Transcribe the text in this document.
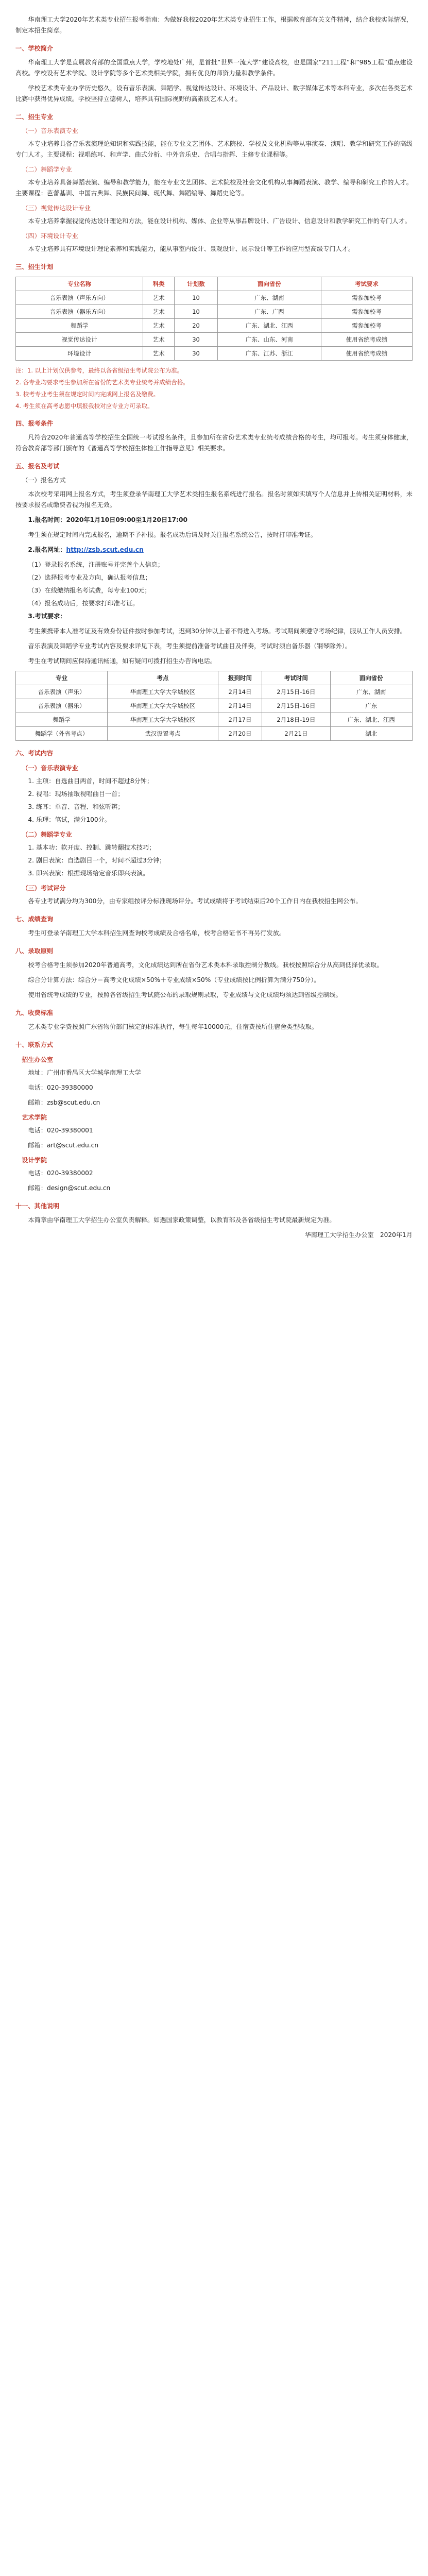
华南理工大学2020年艺术类专业招生报考指南：为做好我校2020年艺术类专业招生工作，根据教育部有关文件精神，结合我校实际情况，制定本招生简章。

一、学校简介

华南理工大学是直属教育部的全国重点大学，学校地处广州，是首批“世界一流大学”建设高校，也是国家“211工程”和“985工程”重点建设高校。学校设有艺术学院、设计学院等多个艺术类相关学院，拥有优良的师资力量和教学条件。

学校艺术类专业办学历史悠久，设有音乐表演、舞蹈学、视觉传达设计、环境设计、产品设计、数字媒体艺术等本科专业，多次在各类艺术比赛中获得优异成绩。学校坚持立德树人，培养具有国际视野的高素质艺术人才。

二、招生专业
（一）音乐表演专业

本专业培养具备音乐表演理论知识和实践技能，能在专业文艺团体、艺术院校、学校及文化机构等从事演奏、演唱、教学和研究工作的高级专门人才。主要课程：视唱练耳、和声学、曲式分析、中外音乐史、合唱与指挥、主修专业课程等。

（二）舞蹈学专业

本专业培养具备舞蹈表演、编导和教学能力，能在专业文艺团体、艺术院校及社会文化机构从事舞蹈表演、教学、编导和研究工作的人才。主要课程：芭蕾基训、中国古典舞、民族民间舞、现代舞、舞蹈编导、舞蹈史论等。

（三）视觉传达设计专业

本专业培养掌握视觉传达设计理论和方法，能在设计机构、媒体、企业等从事品牌设计、广告设计、信息设计和教学研究工作的专门人才。

（四）环境设计专业

本专业培养具有环境设计理论素养和实践能力，能从事室内设计、景观设计、展示设计等工作的应用型高级专门人才。

三、招生计划
专业名称	科类	计划数	面向省份	考试要求
音乐表演（声乐方向）	艺术	10	广东、湖南	需参加校考
音乐表演（器乐方向）	艺术	10	广东、广西	需参加校考
舞蹈学	艺术	20	广东、湖北、江西	需参加校考
视觉传达设计	艺术	30	广东、山东、河南	使用省统考成绩
环境设计	艺术	30	广东、江苏、浙江	使用省统考成绩

注：1. 以上计划仅供参考，最终以各省级招生考试院公布为准。

2. 各专业均要求考生参加所在省份的艺术类专业统考并成绩合格。

3. 校考专业考生须在规定时间内完成网上报名及缴费。

4. 考生须在高考志愿中填报我校对应专业方可录取。

四、报考条件

凡符合2020年普通高等学校招生全国统一考试报名条件，且参加所在省份艺术类专业统考成绩合格的考生，均可报考。考生须身体健康，符合教育部等部门颁布的《普通高等学校招生体检工作指导意见》相关要求。

五、报名及考试
（一）报名方式

本次校考采用网上报名方式，考生须登录华南理工大学艺术类招生报名系统进行报名。报名时须如实填写个人信息并上传相关证明材料，未按要求报名或缴费者视为报名无效。

1.报名时间：2020年1月10日09:00至1月20日17:00

考生须在规定时间内完成报名，逾期不予补报。报名成功后请及时关注报名系统公告，按时打印准考证。

2.报名网址：http://zsb.scut.edu.cn

（1）登录报名系统，注册账号并完善个人信息；

（2）选择报考专业及方向，确认报考信息；

（3）在线缴纳报名考试费，每专业100元；

（4）报名成功后，按要求打印准考证。

3.考试要求：

考生须携带本人准考证及有效身份证件按时参加考试，迟到30分钟以上者不得进入考场。考试期间须遵守考场纪律，服从工作人员安排。

音乐表演及舞蹈学专业考试内容及要求详见下表，考生须提前准备考试曲目及伴奏，考试时须自备乐器（钢琴除外）。

考生在考试期间应保持通讯畅通，如有疑问可拨打招生办咨询电话。

专业	考点	报到时间	考试时间	面向省份
音乐表演（声乐）	华南理工大学大学城校区	2月14日	2月15日-16日	广东、湖南
音乐表演（器乐）	华南理工大学大学城校区	2月14日	2月15日-16日	广东
舞蹈学	华南理工大学大学城校区	2月17日	2月18日-19日	广东、湖北、江西
舞蹈学（外省考点）	武汉设置考点	2月20日	2月21日	湖北
六、考试内容
（一）音乐表演专业

1. 主项：自选曲目两首，时间不超过8分钟；

2. 视唱：现场抽取视唱曲目一首；

3. 练耳：单音、音程、和弦听辨；

4. 乐理：笔试，满分100分。

（二）舞蹈学专业

1. 基本功：软开度、控制、跳转翻技术技巧；

2. 剧目表演：自选剧目一个，时间不超过3分钟；

3. 即兴表演：根据现场给定音乐即兴表演。

（三）考试评分

各专业考试满分均为300分，由专家组按评分标准现场评分。考试成绩将于考试结束后20个工作日内在我校招生网公布。

七、成绩查询

考生可登录华南理工大学本科招生网查询校考成绩及合格名单，校考合格证书不再另行发放。

八、录取原则

校考合格考生须参加2020年普通高考，文化成绩达到所在省份艺术类本科录取控制分数线。我校按照综合分从高到低择优录取。

综合分计算方法：综合分＝高考文化成绩×50%＋专业成绩×50%（专业成绩按比例折算为满分750分）。

使用省统考成绩的专业，按照各省级招生考试院公布的录取规则录取，专业成绩与文化成绩均须达到省级控制线。

九、收费标准

艺术类专业学费按照广东省物价部门核定的标准执行，每生每年10000元，住宿费按所住宿舍类型收取。

十、联系方式
招生办公室

地址：广州市番禺区大学城华南理工大学

电话：020-39380000

邮箱：zsb@scut.edu.cn

艺术学院

电话：020-39380001

邮箱：art@scut.edu.cn

设计学院

电话：020-39380002

邮箱：design@scut.edu.cn

十一、其他说明

本简章由华南理工大学招生办公室负责解释。如遇国家政策调整，以教育部及各省级招生考试院最新规定为准。

华南理工大学招生办公室　2020年1月
